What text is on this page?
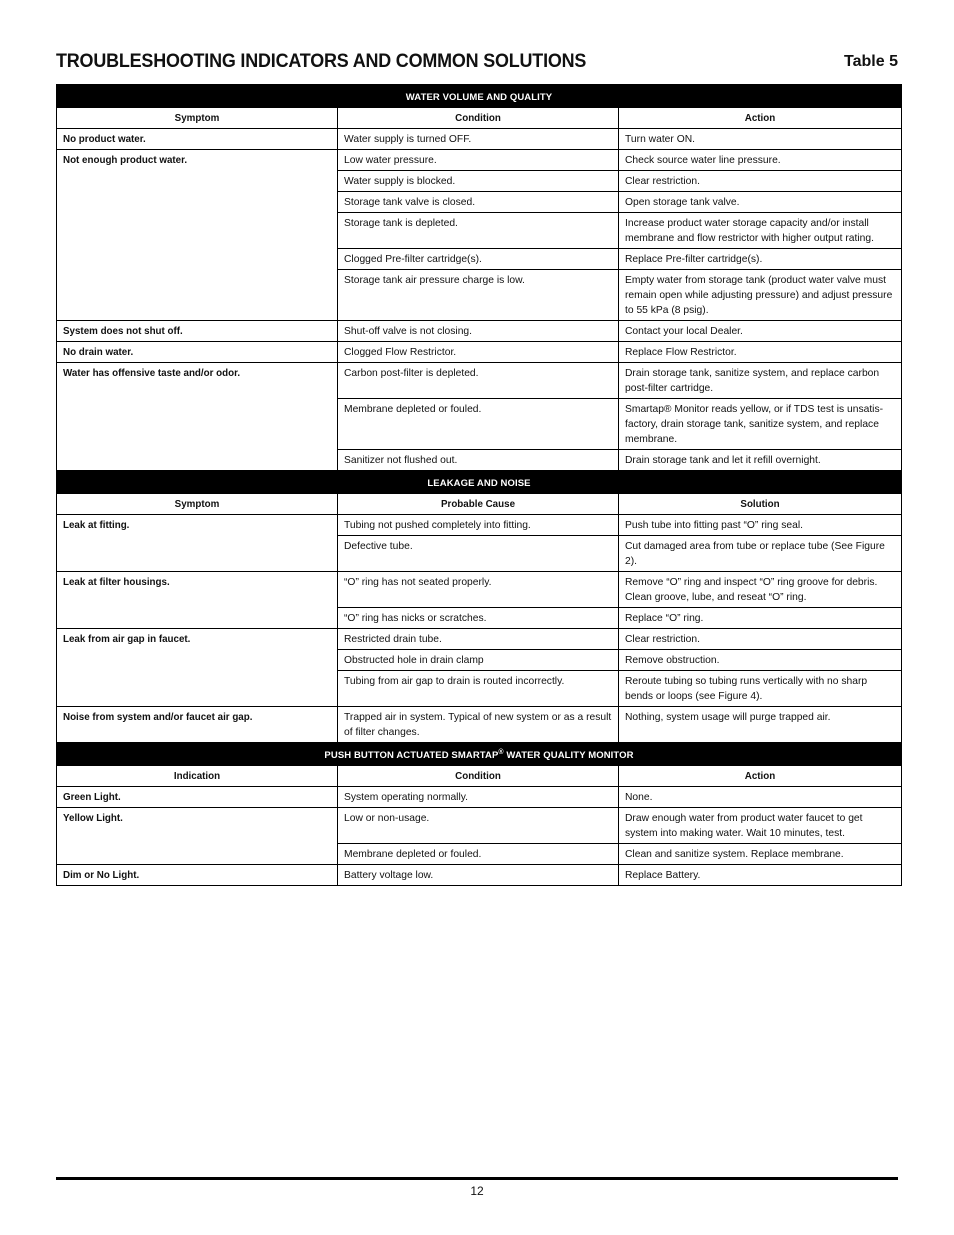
TROUBLESHOOTING INDICATORS AND COMMON SOLUTIONS	Table 5
WATER VOLUME AND QUALITY		
Symptom	Condition	Action
No product water.	Water supply is turned OFF.	Turn water ON.
Not enough product water.	Low water pressure.	Check source water line pressure.
	Water supply is blocked.	Clear restriction.
	Storage tank valve is closed.	Open storage tank valve.
	Storage tank is depleted.	Increase product water storage capacity and/or install membrane and flow restrictor with higher output rating.
	Clogged Pre-filter cartridge(s).	Replace Pre-filter cartridge(s).
	Storage tank air pressure charge is low.	Empty water from storage tank (product water valve must remain open while adjusting pressure) and adjust pressure to 55 kPa (8 psig).
System does not shut off.	Shut-off valve is not closing.	Contact your local Dealer.
No drain water.	Clogged Flow Restrictor.	Replace Flow Restrictor.
Water has offensive taste and/or odor.	Carbon post-filter is depleted.	Drain storage tank, sanitize system, and replace carbon post-filter cartridge.
	Membrane depleted or fouled.	Smartap® Monitor reads yellow, or if TDS test is unsatis-factory, drain storage tank, sanitize system, and replace membrane.
	Sanitizer not flushed out.	Drain storage tank and let it refill overnight.
LEAKAGE AND NOISE		
Symptom	Probable Cause	Solution
Leak at fitting.	Tubing not pushed completely into fitting.	Push tube into fitting past “O” ring seal.
	Defective tube.	Cut damaged area from tube or replace tube (See Figure 2).
Leak at filter housings.	“O” ring has not seated properly.	Remove “O” ring and inspect “O” ring groove for debris. Clean groove, lube, and reseat “O” ring.
	“O” ring has nicks or scratches.	Replace “O” ring.
Leak from air gap in faucet.	Restricted drain tube.	Clear restriction.
	Obstructed hole in drain clamp	Remove obstruction.
	Tubing from air gap to drain is routed incorrectly.	Reroute tubing so tubing runs vertically with no sharp bends or loops (see Figure 4).
Noise from system and/or faucet air gap.	Trapped air in system. Typical of new system or as a result of filter changes.	Nothing, system usage will purge trapped air.
PUSH BUTTON ACTUATED SMARTAP® WATER QUALITY MONITOR		
Indication	Condition	Action
Green Light.	System operating normally.	None.
Yellow Light.	Low or non-usage.	Draw enough water from product water faucet to get system into making water. Wait 10 minutes, test.
	Membrane depleted or fouled.	Clean and sanitize system. Replace membrane.
Dim or No Light.	Battery voltage low.	Replace Battery.
12
